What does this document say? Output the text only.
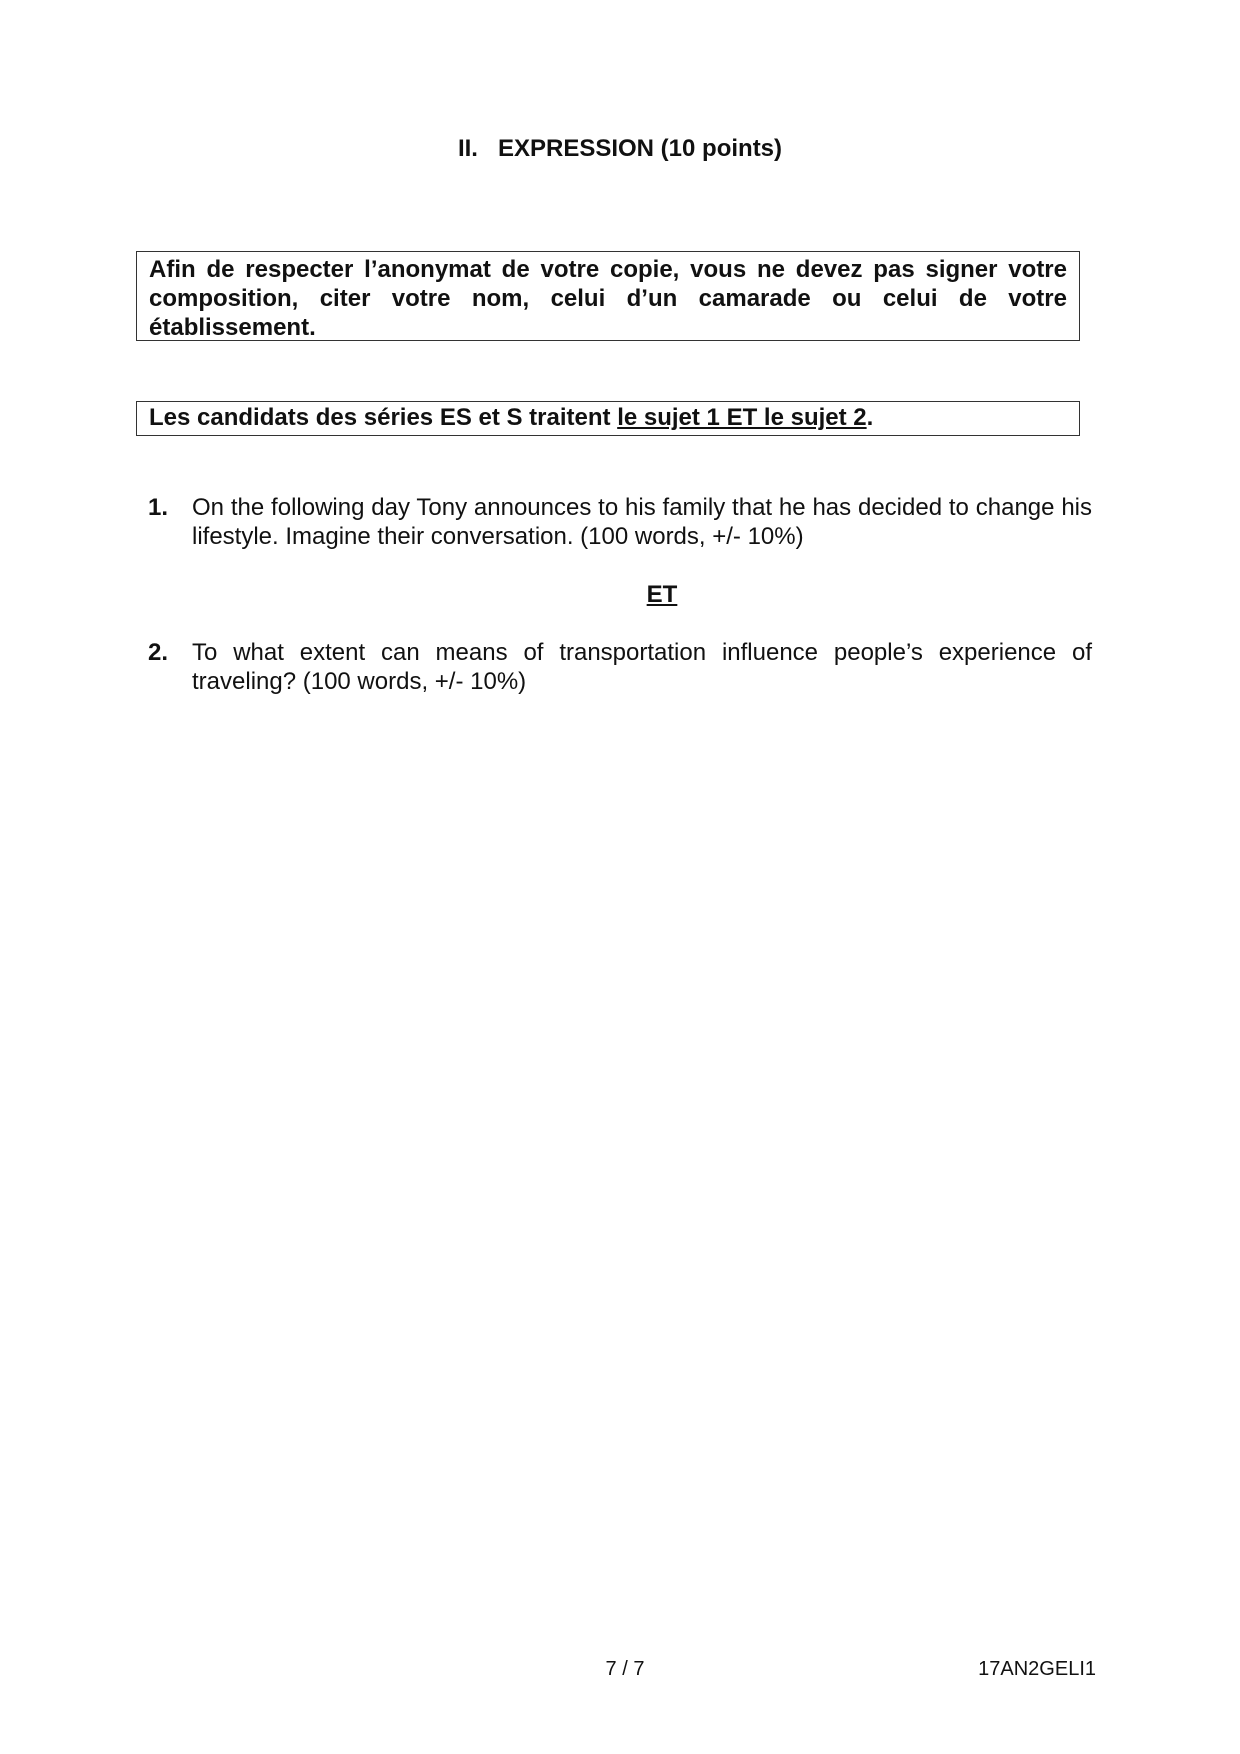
II. EXPRESSION (10 points)
Afin de respecter l’anonymat de votre copie, vous ne devez pas signer votre composition, citer votre nom, celui d’un camarade ou celui de votre établissement.
Les candidats des séries ES et S traitent le sujet 1 ET le sujet 2.
1. On the following day Tony announces to his family that he has decided to change his lifestyle. Imagine their conversation. (100 words, +/- 10%)
ET
2. To what extent can means of transportation influence people’s experience of traveling? (100 words, +/- 10%)
7 / 7	17AN2GELI1
